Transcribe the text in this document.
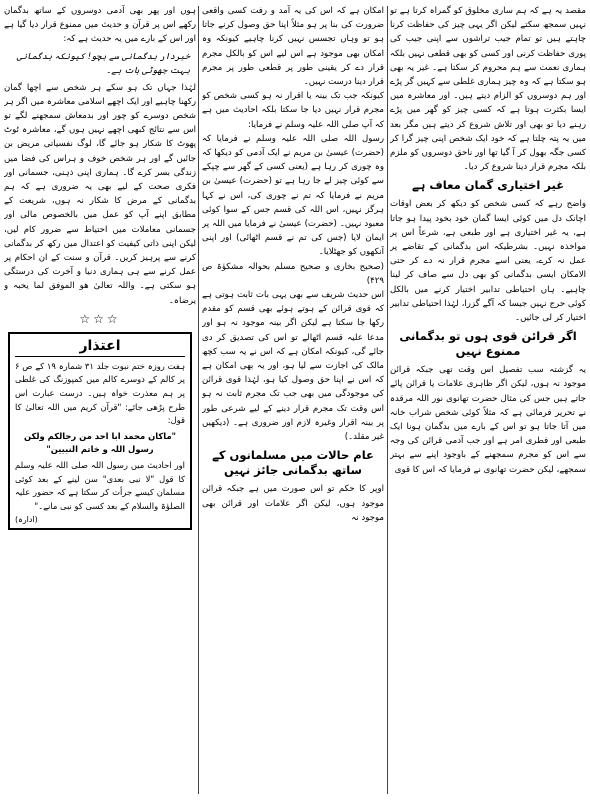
مقصد یہ ہے کہ ہم ساری مخلوق کو گمراہ کرتا ہے تو نہیں سمجھ سکتے لیکن اگر یہی چیز کی حفاظت کرنا چاہتے ہیں تو تمام جیب تراشوں سے اپنی جیب کی پوری حفاظت کرنی اور کسی کو بھی قطعی نہیں بلکہ ہماری نعمت سے ہم محروم کر سکتا ہے۔ غیر یہ بھی ہو سکتا ہے کہ وہ چیز ہماری غلطی سے کہیں گر پڑے اور ہم دوسروں کو الزام دیتے ہیں۔ اور معاشرہ میں ایسا بکثرت ہوتا ہے کہ کسی چیز کو گھر میں پڑے رہنے دیا تو بھی اور تلاش شروع کر دیتے ہیں مگر بعد میں یہ پتہ چلتا ہے کہ خود ایک شخص اپنی چیز گرا کر کسی جگہ بھول کر آ گیا تھا اور ناحق دوسروں کو ملزم بلکہ مجرم قرار دینا شروع کر دیا۔

غیر اختیاری گمان معاف ہے

واضح رہے کہ کسی شخص کو دیکھ کر بعض اوقات اچانک دل میں کوئی ایسا گمان خود بخود پیدا ہو جاتا ہے، یہ غیر اختیاری ہے اور طبعی ہے، شرعاً اس پر مواخذہ نہیں۔ بشرطیکہ اس بدگمانی کے تقاضے پر عمل نہ کرے، یعنی اسے مجرم قرار نہ دے کر حتی الامکان ایسی بدگمانی کو بھی دل سے صاف کر لینا چاہیے۔ ہاں احتیاطی تدابیر اختیار کرنے میں بالکل کوئی حرج نہیں جیسا کہ آگے گزرا، لہٰذا احتیاطی تدابیر اختیار کر لی جائیں۔

اگر قرائن قوی ہوں تو بدگمانی ممنوع نہیں

یہ گزشتہ سب تفصیل اس وقت تھی جبکہ قرائن موجود نہ ہوں، لیکن اگر ظاہری علامات یا قرائن پائے جاتے ہیں جس کی مثال حضرت تھانوی نور اللہ مرقدہ نے تحریر فرمائی ہے کہ مثلاً کوئی شخص شراب خانہ میں آتا جاتا ہو تو اس کے بارے میں بدگمان ہونا ایک طبعی اور فطری امر ہے اور جب آدمی قرائن کی وجہ سے اس کو مجرم سمجھنے کے باوجود اپنے سے بہتر سمجھے، لیکن حضرت تھانوی نے فرمایا کہ اس کا قوی

امکان ہے کہ اس کی یہ آمد و رفت کسی واقعی ضرورت کی بنا پر ہو مثلاً اپنا حق وصول کرنے جاتا ہو تو وہاں تجسس نہیں کرنا چاہیے کیونکہ وہ امکان بھی موجود ہے اس لیے اس کو بالکل مجرم قرار دے کر یقینی طور پر قطعی طور پر مجرم قرار دینا درست نہیں۔

کیونکہ جب تک بینہ یا اقرار نہ ہو کسی شخص کو مجرم قرار نہیں دیا جا سکتا بلکہ احادیث میں ہے کہ آپ صلی اللہ علیہ وسلم نے فرمایا:

رسول اللہ صلی اللہ علیہ وسلم نے فرمایا کہ (حضرت) عیسیٰ بن مریم نے ایک آدمی کو دیکھا کہ وہ چوری کر رہا ہے (یعنی کسی کے گھر سے چپکے سے کوئی چیز لے جا رہا ہے تو (حضرت) عیسیٰ بن مریم نے فرمایا کہ تم نے چوری کی، اس نے کہا ہرگز نہیں، اس اللہ کی قسم جس کے سوا کوئی معبود نہیں۔ (حضرت) عیسیٰ نے فرمایا میں اللہ پر ایمان لایا (جس کی تم نے قسم اٹھائی) اور اپنی آنکھوں کو جھٹلایا۔

(صحیح بخاری و صحیح مسلم بحوالہ مشکوٰۃ ص ۴۲۹)

اس حدیث شریف سے بھی یہی بات ثابت ہوتی ہے کہ قوی قرائن کے ہوتے ہوئے بھی قسم کو مقدم رکھا جا سکتا ہے لیکن اگر بینہ موجود نہ ہو اور مدعا علیہ قسم اٹھالے تو اس کی تصدیق کر دی جائے گی، کیونکہ امکان ہے کہ اس نے یہ سب کچھ مالک کی اجازت سے لیا ہو، اور یہ بھی امکان ہے کہ اس نے اپنا حق وصول کیا ہو، لہٰذا قوی قرائن کی موجودگی میں بھی جب تک مجرم ثابت نہ ہو اس وقت تک مجرم قرار دینے کے لیے شرعی طور پر بینہ اقرار وغیرہ لازم اور ضروری ہے۔ (دیکھیں غیر مقلد۔)

عام حالات میں مسلمانوں کے ساتھ بدگمانی جائز نہیں

اوپر کا حکم تو اس صورت میں ہے جبکہ قرائن موجود ہوں، لیکن اگر علامات اور قرائن بھی موجود نہ

ہوں اور پھر بھی آدمی دوسروں کے ساتھ بدگمان رکھے اس پر قرآن و حدیث میں ممنوع قرار دیا گیا ہے اور اس کے بارے میں یہ حدیث ہے کہ:

خبردار بدگمانی سے بچو! کیونکہ بدگمانی بہت جھوٹی بات ہے۔

لہٰذا جہاں تک ہو سکے ہر شخص سے اچھا گمان رکھنا چاہیے اور ایک اچھے اسلامی معاشرہ میں اگر ہر شخص دوسرے کو چور اور بدمعاش سمجھنے لگے تو اس سے نتائج کبھی اچھے نہیں ہوں گے، معاشرہ ٹوٹ پھوٹ کا شکار ہو جائے گا، لوگ نفسیاتی مریض بن جائیں گے اور ہر شخص خوف و ہراس کی فضا میں زندگی بسر کرے گا۔ ہماری اپنی ذہنی، جسمانی اور فکری صحت کے لیے بھی یہ ضروری ہے کہ ہم بدگمانی کے مرض کا شکار نہ ہوں، شریعت کے مطابق اپنے آپ کو عمل میں بالخصوص مالی اور جسمانی معاملات میں احتیاط سے ضرور کام لیں، لیکن اپنی ذاتی کیفیت کو اعتدال میں رکھ کر بدگمانی کرنے سے پرہیز کریں۔ قرآن و سنت کے ان احکام پر عمل کرنے سے ہی ہماری دنیا و آخرت کی درستگی ہو سکتی ہے۔ واللہ تعالیٰ ھو الموفق لما یحبہ و یرضاہ۔

☆☆☆
اعتذار

ہفت روزہ ختم نبوت جلد ۳۱ شمارہ ۱۹ کے ص ۶ پر کالم کے دوسرے کالم میں کمپوزنگ کی غلطی پر ہم معذرت خواہ ہیں۔ درست عبارت اس طرح پڑھی جائے: "قرآن کریم میں اللہ تعالیٰ کا قول:

"ماکان محمد ابا احد من رجالکم ولکن رسول اللہ و خاتم النبیین"

اور احادیث میں رسول اللہ صلی اللہ علیہ وسلم کا قول "لا نبی بعدی" سن لینے کے بعد کوئی مسلمان کیسے جرأت کر سکتا ہے کہ حضور علیہ الصلوٰۃ والسلام کے بعد کسی کو نبی مانے۔"

(ادارہ)
